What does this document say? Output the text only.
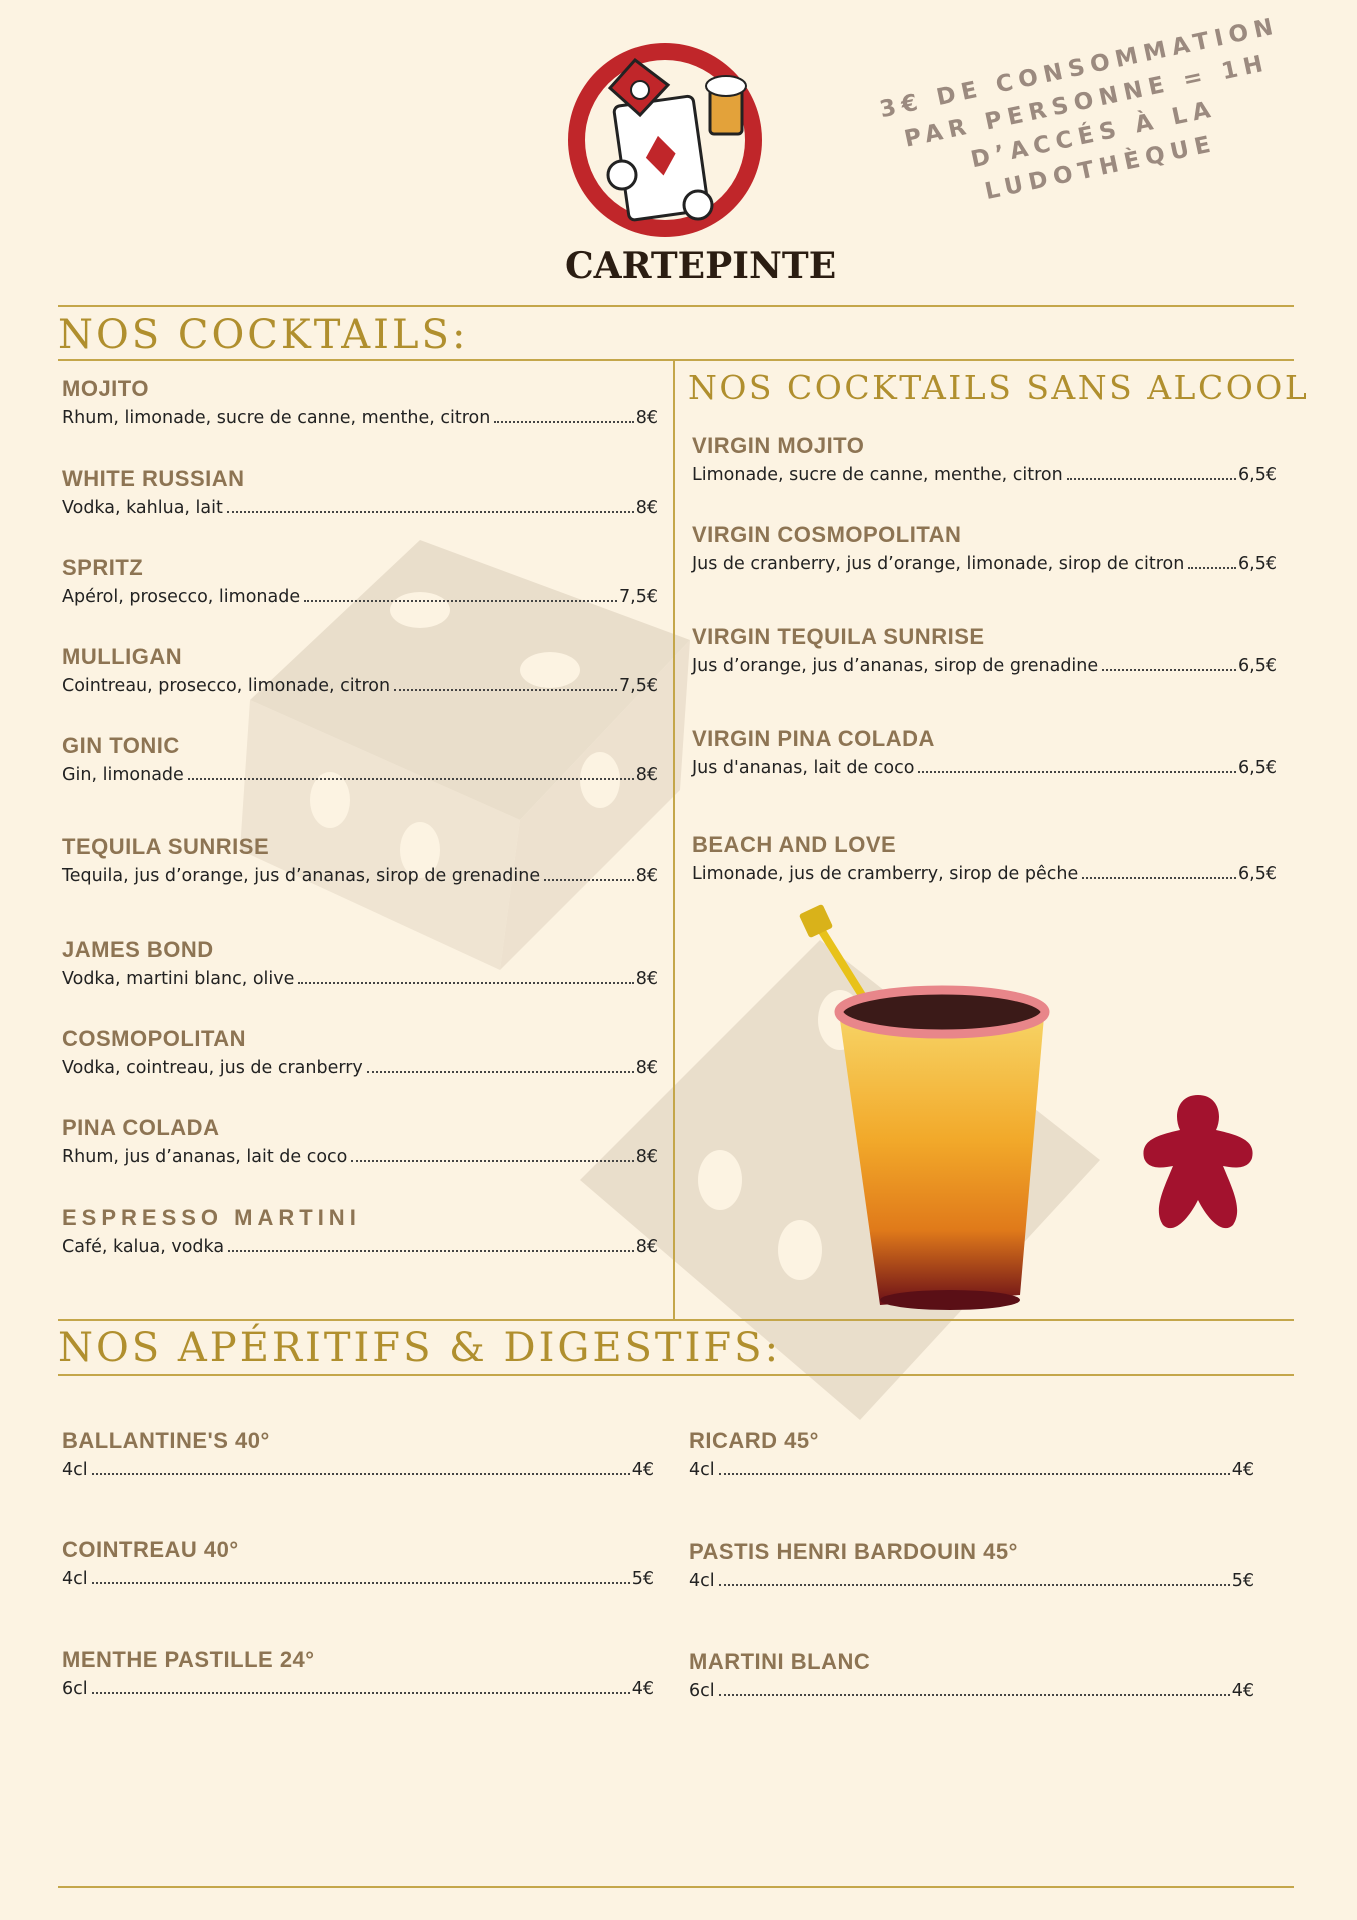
CARTEPINTE
3€ DE CONSOMMATION PAR PERSONNE = 1H D’ACCÉS À LA LUDOTHÈQUE
NOS COCKTAILS:
MOJITO
Rhum, limonade, sucre de canne, menthe, citron	8€
WHITE RUSSIAN
Vodka, kahlua, lait	8€
SPRITZ
Apérol, prosecco, limonade	7,5€
MULLIGAN
Cointreau, prosecco, limonade, citron	7,5€
GIN TONIC
Gin, limonade	8€
TEQUILA SUNRISE
Tequila, jus d’orange, jus d’ananas, sirop de grenadine	8€
JAMES BOND
Vodka, martini blanc, olive	8€
COSMOPOLITAN
Vodka, cointreau, jus de cranberry	8€
PINA COLADA
Rhum, jus d’ananas, lait de coco	8€
ESPRESSO MARTINI
Café, kalua, vodka	8€
NOS COCKTAILS SANS ALCOOL
VIRGIN MOJITO
Limonade, sucre de canne, menthe, citron	6,5€
VIRGIN COSMOPOLITAN
Jus de cranberry, jus d’orange, limonade, sirop de citron	6,5€
VIRGIN TEQUILA SUNRISE
Jus d’orange, jus d’ananas, sirop de grenadine	6,5€
VIRGIN PINA COLADA
Jus d'ananas, lait de coco	6,5€
BEACH AND LOVE
Limonade, jus de cramberry, sirop de pêche	6,5€
NOS APÉRITIFS & DIGESTIFS:
BALLANTINE'S 40°
4cl	4€
COINTREAU 40°
4cl	5€
MENTHE PASTILLE 24°
6cl	4€
RICARD 45°
4cl	4€
PASTIS HENRI BARDOUIN 45°
4cl	5€
MARTINI BLANC
6cl	4€
